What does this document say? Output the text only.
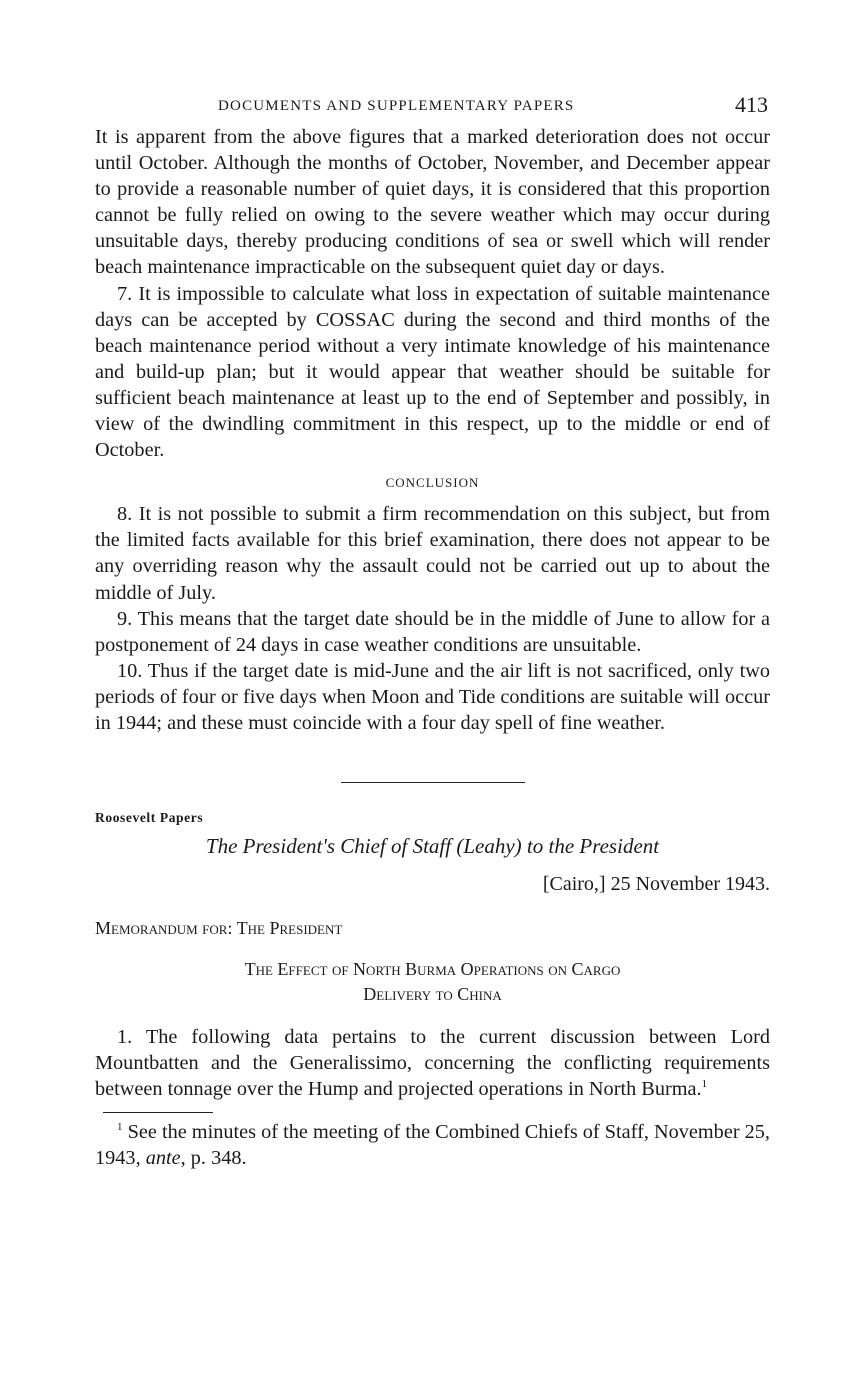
DOCUMENTS AND SUPPLEMENTARY PAPERS	413

It is apparent from the above figures that a marked deterioration does not occur until October. Although the months of October, November, and December appear to provide a reasonable number of quiet days, it is considered that this proportion cannot be fully relied on owing to the severe weather which may occur during unsuitable days, thereby producing conditions of sea or swell which will render beach maintenance impracticable on the subsequent quiet day or days.

7. It is impossible to calculate what loss in expectation of suitable maintenance days can be accepted by COSSAC during the second and third months of the beach maintenance period without a very intimate knowledge of his maintenance and build-up plan; but it would appear that weather should be suitable for sufficient beach maintenance at least up to the end of September and possibly, in view of the dwindling commitment in this respect, up to the middle or end of October.

CONCLUSION

8. It is not possible to submit a firm recommendation on this subject, but from the limited facts available for this brief examination, there does not appear to be any overriding reason why the assault could not be carried out up to about the middle of July.

9. This means that the target date should be in the middle of June to allow for a postponement of 24 days in case weather conditions are unsuitable.

10. Thus if the target date is mid-June and the air lift is not sacrificed, only two periods of four or five days when Moon and Tide conditions are suitable will occur in 1944; and these must coincide with a four day spell of fine weather.

Roosevelt Papers
The President's Chief of Staff (Leahy) to the President
[Cairo,] 25 November 1943.
Memorandum for: The President
The Effect of North Burma Operations on Cargo
Delivery to China

1. The following data pertains to the current discussion between Lord Mountbatten and the Generalissimo, concerning the conflicting requirements between tonnage over the Hump and projected operations in North Burma.$^1$

$^1$ See the minutes of the meeting of the Combined Chiefs of Staff, November 25, 1943, ante, p. 348.
